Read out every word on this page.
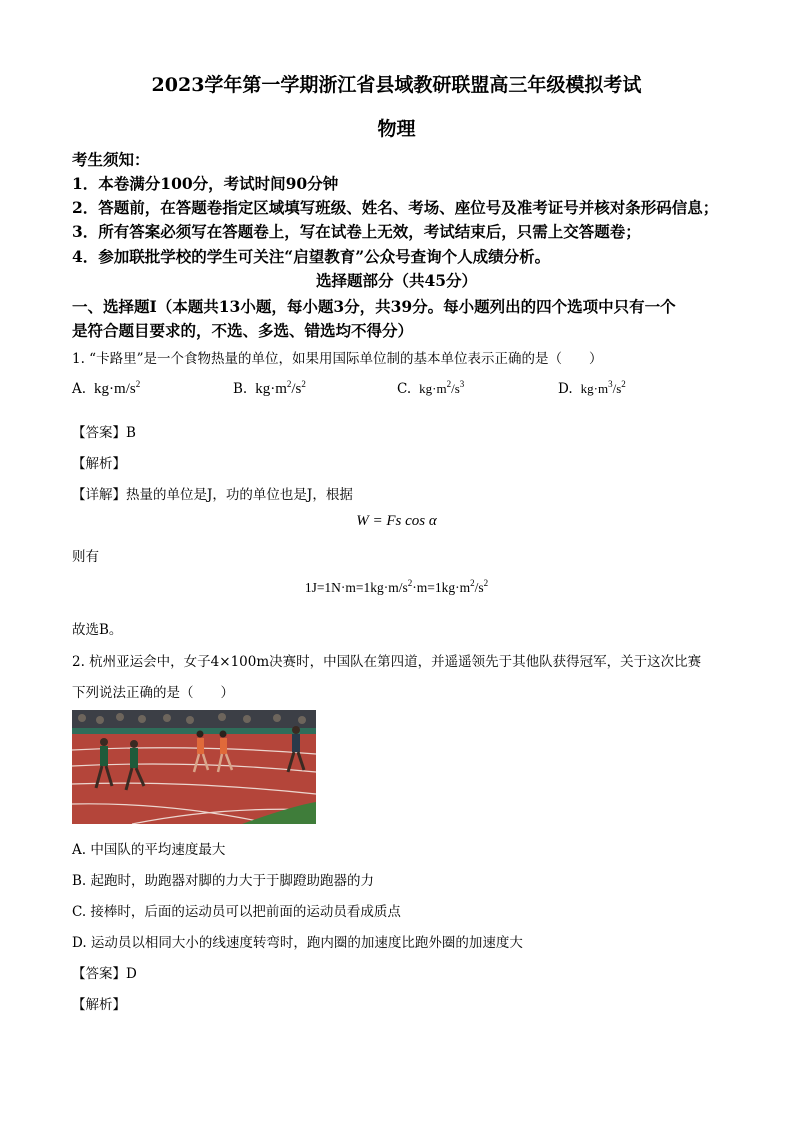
2023学年第一学期浙江省县域教研联盟高三年级模拟考试
物理
考生须知：
1．本卷满分100分，考试时间90分钟
2．答题前，在答题卷指定区域填写班级、姓名、考场、座位号及准考证号并核对条形码信息；
3．所有答案必须写在答题卷上，写在试卷上无效，考试结束后，只需上交答题卷；
4．参加联批学校的学生可关注“启望教育”公众号查询个人成绩分析。
选择题部分（共45分）
一、选择题Ⅰ（本题共13小题，每小题3分，共39分。每小题列出的四个选项中只有一个
是符合题目要求的，不选、多选、错选均不得分）
1. “卡路里”是一个食物热量的单位，如果用国际单位制的基本单位表示正确的是（　　）
A. $kg\cdot m/s^2$	B. $kg\cdot m^2/s^2$	C. $kg\cdot m^2/s^3$	D. $kg\cdot m^3/s^2$
【答案】B
【解析】
【详解】热量的单位是J，功的单位也是J，根据
W = Fs cos α
则有
$1J=1N\cdot m=1kg\cdot m/s^2\cdot m=1kg\cdot m^2/s^2$
故选B。
2. 杭州亚运会中，女子4×100m决赛时，中国队在第四道，并遥遥领先于其他队获得冠军，关于这次比赛
下列说法正确的是（　　）
A. 中国队的平均速度最大
B. 起跑时，助跑器对脚的力大于于脚蹬助跑器的力
C. 接棒时，后面的运动员可以把前面的运动员看成质点
D. 运动员以相同大小的线速度转弯时，跑内圈的加速度比跑外圈的加速度大
【答案】D
【解析】
